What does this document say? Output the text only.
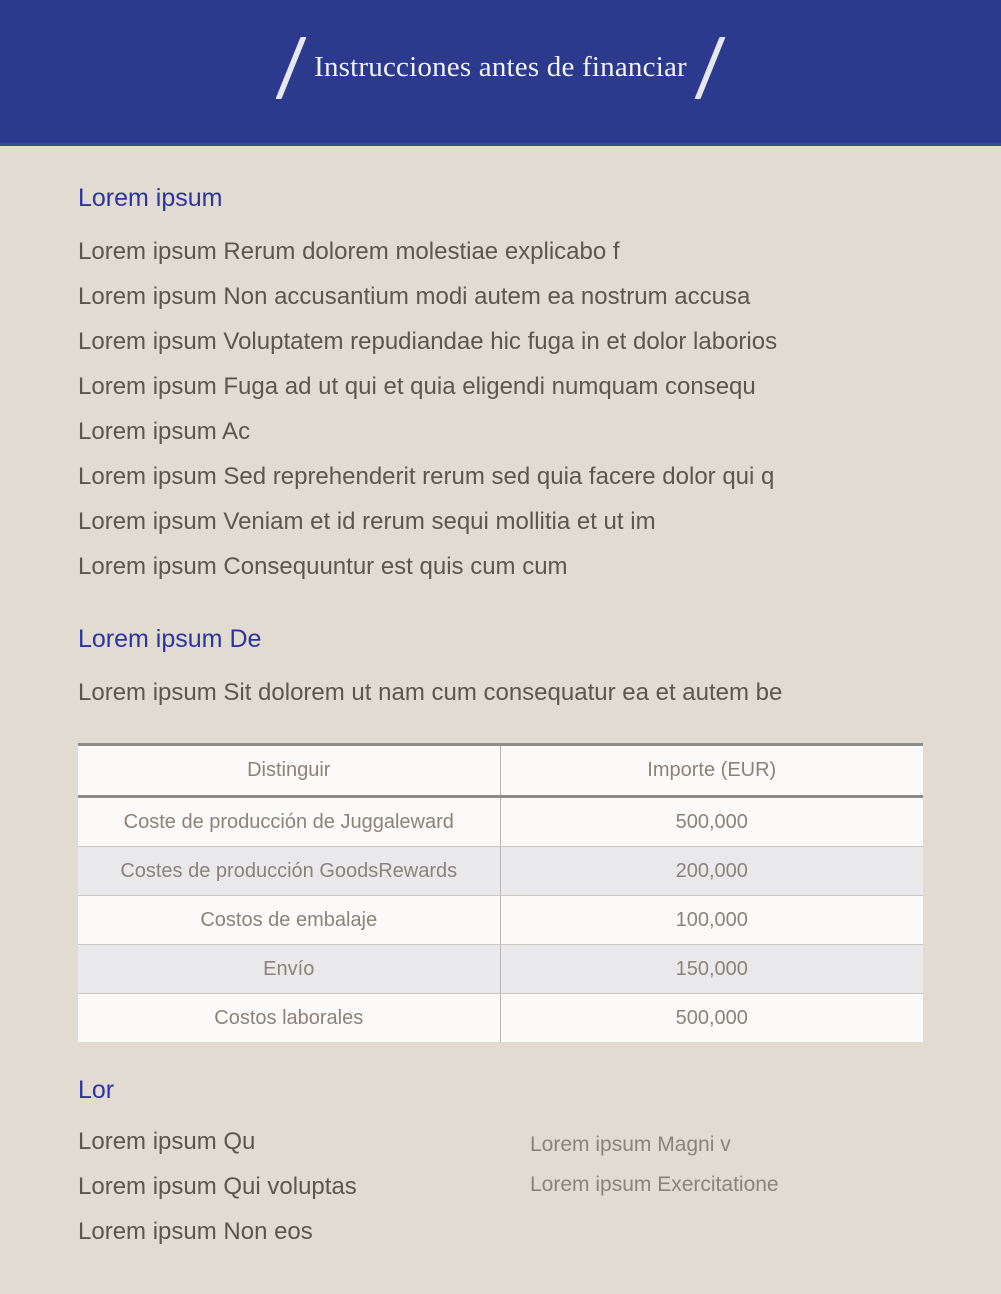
Instrucciones antes de financiar
Lorem ipsum

Lorem ipsum Rerum dolorem molestiae explicabo f

Lorem ipsum Non accusantium modi autem ea nostrum accusa

Lorem ipsum Voluptatem repudiandae hic fuga in et dolor laborios

Lorem ipsum Fuga ad ut qui et quia eligendi numquam consequ

Lorem ipsum Ac

Lorem ipsum Sed reprehenderit rerum sed quia facere dolor qui q

Lorem ipsum Veniam et id rerum sequi mollitia et ut im

Lorem ipsum Consequuntur est quis cum cum

Lorem ipsum De

Lorem ipsum Sit dolorem ut nam cum consequatur ea et autem be

Distinguir	Importe (EUR)
Coste de producción de Juggaleward	500,000
Costes de producción GoodsRewards	200,000
Costos de embalaje	100,000
Envío	150,000
Costos laborales	500,000
Lor

Lorem ipsum Qu

Lorem ipsum Qui voluptas

Lorem ipsum Non eos

Lorem ipsum Magni v

Lorem ipsum Exercitatione
